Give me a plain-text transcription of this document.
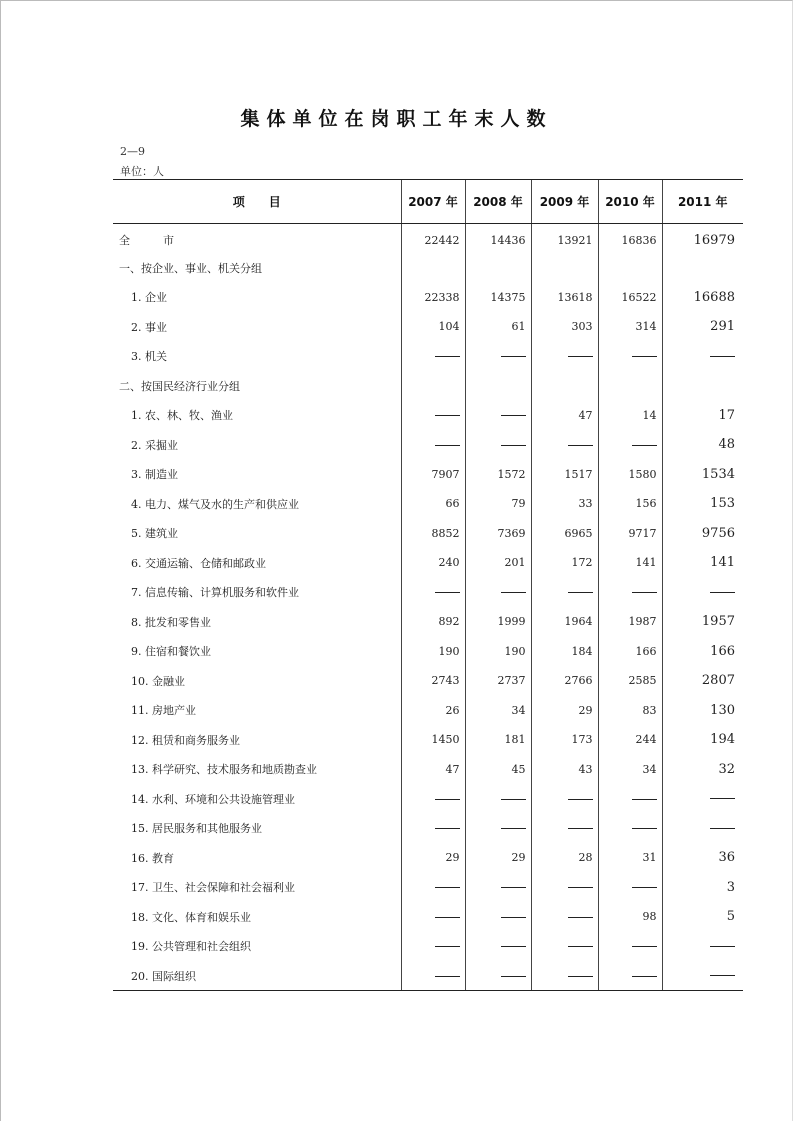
集体单位在岗职工年末人数
2—9
单位：人
项　　目	2007 年	2008 年	2009 年	2010 年	2011 年
全　　　市	22442	14436	13921	16836	16979
一、按企业、事业、机关分组					
1. 企业	22338	14375	13618	16522	16688
2. 事业	104	61	303	314	291
3. 机关					
二、按国民经济行业分组					
1. 农、林、牧、渔业			47	14	17
2. 采掘业					48
3. 制造业	7907	1572	1517	1580	1534
4. 电力、煤气及水的生产和供应业	66	79	33	156	153
5. 建筑业	8852	7369	6965	9717	9756
6. 交通运输、仓储和邮政业	240	201	172	141	141
7. 信息传输、计算机服务和软件业					
8. 批发和零售业	892	1999	1964	1987	1957
9. 住宿和餐饮业	190	190	184	166	166
10. 金融业	2743	2737	2766	2585	2807
11. 房地产业	26	34	29	83	130
12. 租赁和商务服务业	1450	181	173	244	194
13. 科学研究、技术服务和地质勘查业	47	45	43	34	32
14. 水利、环境和公共设施管理业					
15. 居民服务和其他服务业					
16. 教育	29	29	28	31	36
17. 卫生、社会保障和社会福利业					3
18. 文化、体育和娱乐业				98	5
19. 公共管理和社会组织					
20. 国际组织					
